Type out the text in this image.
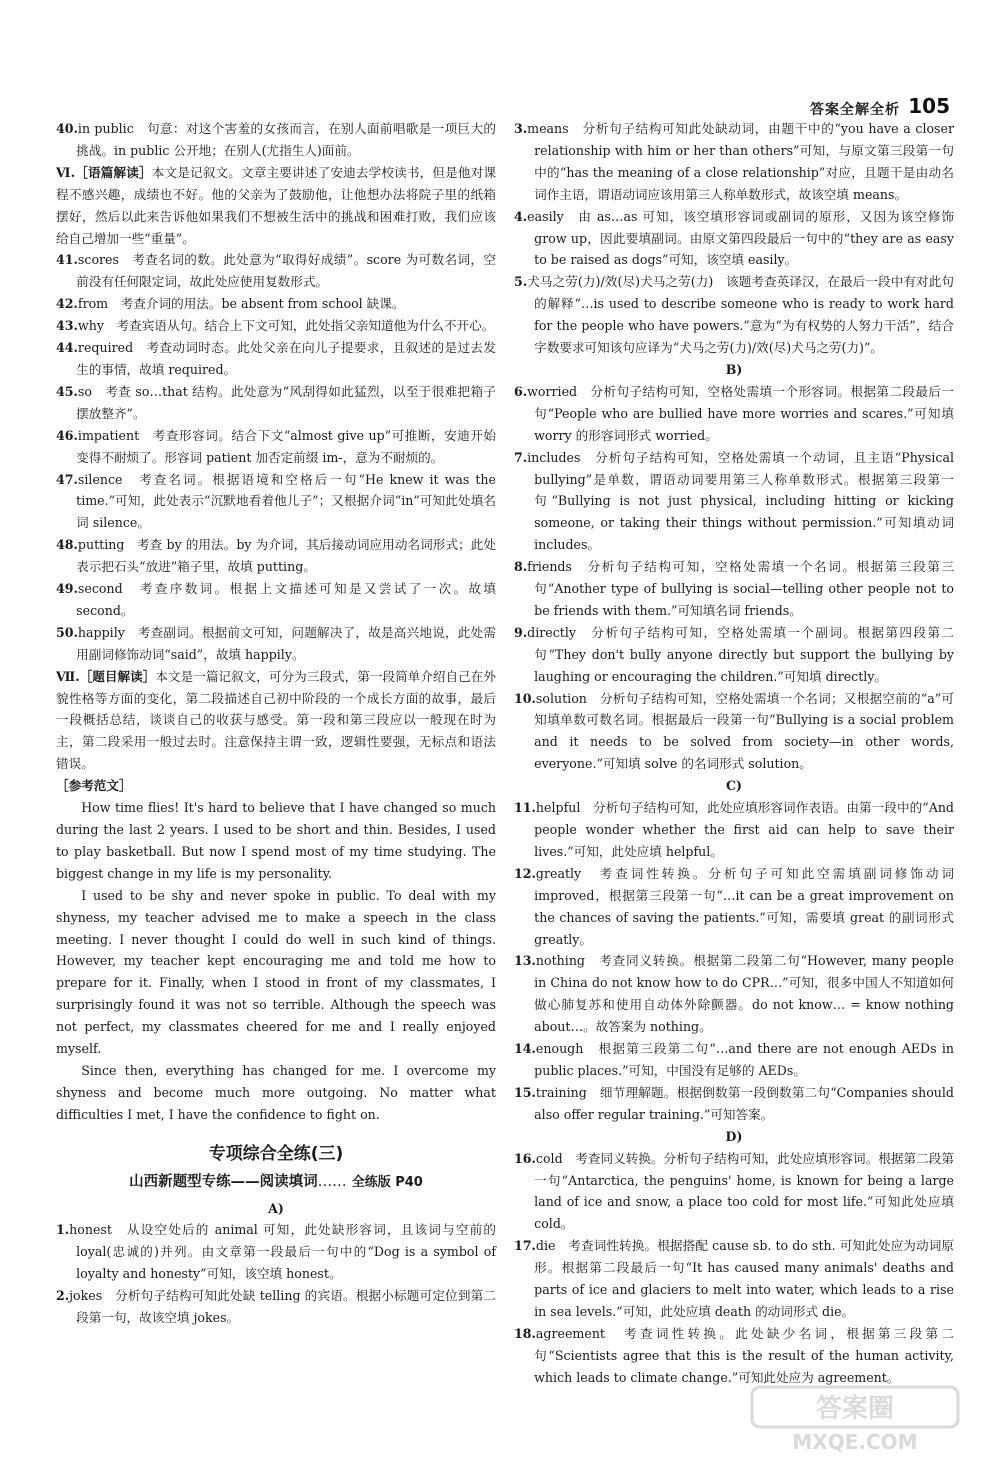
答案全解全析 105

40.in public　句意：对这个害羞的女孩而言，在别人面前唱歌是一项巨大的挑战。in public 公开地；在别人(尤指生人)面前。

Ⅵ.［语篇解读］本文是记叙文。文章主要讲述了安迪去学校读书，但是他对课程不感兴趣，成绩也不好。他的父亲为了鼓励他，让他想办法将院子里的纸箱摆好，然后以此来告诉他如果我们不想被生活中的挑战和困难打败，我们应该给自己增加一些“重量”。

41.scores　考查名词的数。此处意为“取得好成绩”。score 为可数名词，空前没有任何限定词，故此处应使用复数形式。

42.from　考查介词的用法。be absent from school 缺课。

43.why　考查宾语从句。结合上下文可知，此处指父亲知道他为什么不开心。

44.required　考查动词时态。此处父亲在向儿子提要求，且叙述的是过去发生的事情，故填 required。

45.so　考查 so…that 结构。此处意为“风刮得如此猛烈，以至于很难把箱子摆放整齐”。

46.impatient　考查形容词。结合下文“almost give up”可推断，安迪开始变得不耐烦了。形容词 patient 加否定前缀 im-，意为不耐烦的。

47.silence　考查名词。根据语境和空格后一句“He knew it was the time.”可知，此处表示“沉默地看着他儿子”；又根据介词“in”可知此处填名词 silence。

48.putting　考查 by 的用法。by 为介词，其后接动词应用动名词形式；此处表示把石头“放进”箱子里，故填 putting。

49.second　考查序数词。根据上文描述可知是又尝试了一次。故填 second。

50.happily　考查副词。根据前文可知，问题解决了，故是高兴地说，此处需用副词修饰动词“said”，故填 happily。

Ⅶ.［题目解读］本文是一篇记叙文，可分为三段式，第一段简单介绍自己在外貌性格等方面的变化，第二段描述自己初中阶段的一个成长方面的故事，最后一段概括总结，谈谈自己的收获与感受。第一段和第三段应以一般现在时为主，第二段采用一般过去时。注意保持主谓一致，逻辑性要强，无标点和语法错误。

［参考范文］

How time flies! It's hard to believe that I have changed so much during the last 2 years. I used to be short and thin. Besides, I used to play basketball. But now I spend most of my time studying. The biggest change in my life is my personality.

I used to be shy and never spoke in public. To deal with my shyness, my teacher advised me to make a speech in the class meeting. I never thought I could do well in such kind of things. However, my teacher kept encouraging me and told me how to prepare for it. Finally, when I stood in front of my classmates, I surprisingly found it was not so terrible. Although the speech was not perfect, my classmates cheered for me and I really enjoyed myself.

Since then, everything has changed for me. I overcome my shyness and become much more outgoing. No matter what difficulties I met, I have the confidence to fight on.

专项综合全练(三)

山西新题型专练——阅读填词…… 全练版 P40

A)

1.honest　从设空处后的 animal 可知，此处缺形容词，且该词与空前的 loyal(忠诚的)并列。由文章第一段最后一句中的“Dog is a symbol of loyalty and honesty”可知，该空填 honest。

2.jokes　分析句子结构可知此处缺 telling 的宾语。根据小标题可定位到第二段第一句，故该空填 jokes。

3.means　分析句子结构可知此处缺动词，由题干中的“you have a closer relationship with him or her than others”可知，与原文第三段第一句中的“has the meaning of a close relationship”对应，且题干是由动名词作主语，谓语动词应该用第三人称单数形式，故该空填 means。

4.easily　由 as…as 可知，该空填形容词或副词的原形，又因为该空修饰 grow up，因此要填副词。由原文第四段最后一句中的“they are as easy to be raised as dogs”可知，该空填 easily。

5.犬马之劳(力)/效(尽)犬马之劳(力)　该题考查英译汉，在最后一段中有对此句的解释“…is used to describe someone who is ready to work hard for the people who have powers.”意为“为有权势的人努力干活”，结合字数要求可知该句应译为“犬马之劳(力)/效(尽)犬马之劳(力)”。

B)

6.worried　分析句子结构可知，空格处需填一个形容词。根据第二段最后一句“People who are bullied have more worries and scares.”可知填 worry 的形容词形式 worried。

7.includes　分析句子结构可知，空格处需填一个动词，且主语“Physical bullying”是单数，谓语动词要用第三人称单数形式。根据第三段第一句“Bullying is not just physical, including hitting or kicking someone, or taking their things without permission.”可知填动词 includes。

8.friends　分析句子结构可知，空格处需填一个名词。根据第三段第三句“Another type of bullying is social—telling other people not to be friends with them.”可知填名词 friends。

9.directly　分析句子结构可知，空格处需填一个副词。根据第四段第二句“They don't bully anyone directly but support the bullying by laughing or encouraging the children.”可知填 directly。

10.solution　分析句子结构可知，空格处需填一个名词；又根据空前的“a”可知填单数可数名词。根据最后一段第一句“Bullying is a social problem and it needs to be solved from society—in other words, everyone.”可知填 solve 的名词形式 solution。

C)

11.helpful　分析句子结构可知，此处应填形容词作表语。由第一段中的“And people wonder whether the first aid can help to save their lives.”可知，此处应填 helpful。

12.greatly　考查词性转换。分析句子可知此空需填副词修饰动词 improved，根据第三段第一句“…it can be a great improvement on the chances of saving the patients.”可知，需要填 great 的副词形式 greatly。

13.nothing　考查同义转换。根据第二段第二句“However, many people in China do not know how to do CPR…”可知，很多中国人不知道如何做心肺复苏和使用自动体外除颤器。do not know… = know nothing about…。故答案为 nothing。

14.enough　根据第三段第二句“…and there are not enough AEDs in public places.”可知，中国没有足够的 AEDs。

15.training　细节理解题。根据倒数第一段倒数第二句“Companies should also offer regular training.”可知答案。

D)

16.cold　考查同义转换。分析句子结构可知，此处应填形容词。根据第二段第一句“Antarctica, the penguins' home, is known for being a large land of ice and snow, a place too cold for most life.”可知此处应填 cold。

17.die　考查词性转换。根据搭配 cause sb. to do sth. 可知此处应为动词原形。根据第二段最后一句“It has caused many animals' deaths and parts of ice and glaciers to melt into water, which leads to a rise in sea levels.”可知，此处应填 death 的动词形式 die。

18.agreement　考查词性转换。此处缺少名词，根据第三段第二句“Scientists agree that this is the result of the human activity, which leads to climate change.”可知此处应为 agreement。

答案圈
MXQE.COM
